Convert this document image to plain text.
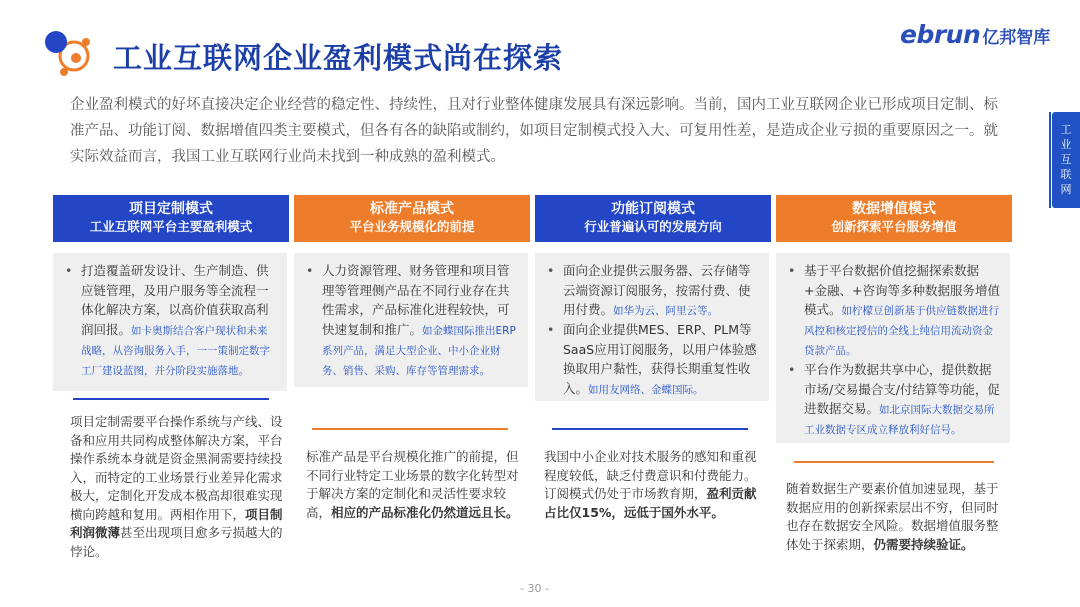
工业互联网企业盈利模式尚在探索
ebrun 亿邦智库
工业互联网

企业盈利模式的好坏直接决定企业经营的稳定性、持续性，且对行业整体健康发展具有深远影响。当前，国内工业互联网企业已形成项目定制、标准产品、功能订阅、数据增值四类主要模式，但各有各的缺陷或制约，如项目定制模式投入大、可复用性差，是造成企业亏损的重要原因之一。就实际效益而言，我国工业互联网行业尚未找到一种成熟的盈利模式。

项目定制模式
工业互联网平台主要盈利模式
• 打造覆盖研发设计、生产制造、供应链管理，及用户服务等全流程一体化解决方案，以高价值获取高利润回报。如卡奥斯结合客户现状和未来战略，从咨询服务入手，一一策制定数字工厂建设蓝图，并分阶段实施落地。
项目定制需要平台操作系统与产线、设备和应用共同构成整体解决方案，平台操作系统本身就是资金黑洞需要持续投入，而特定的工业场景行业差异化需求极大，定制化开发成本极高却很难实现横向跨越和复用。两相作用下，项目制利润微薄甚至出现项目愈多亏损越大的悖论。
标准产品模式
平台业务规模化的前提
• 人力资源管理、财务管理和项目管理等管理侧产品在不同行业存在共性需求，产品标准化进程较快，可快速复制和推广。如金蝶国际推出ERP系列产品，满足大型企业、中小企业财务、销售、采购、库存等管理需求。
标准产品是平台规模化推广的前提，但不同行业特定工业场景的数字化转型对于解决方案的定制化和灵活性要求较高，相应的产品标准化仍然道远且长。
功能订阅模式
行业普遍认可的发展方向
• 面向企业提供云服务器、云存储等云端资源订阅服务，按需付费、使用付费。如华为云、阿里云等。
• 面向企业提供MES、ERP、PLM等SaaS应用订阅服务，以用户体验感换取用户黏性，获得长期重复性收入。如用友网络、金蝶国际。
我国中小企业对技术服务的感知和重视程度较低，缺乏付费意识和付费能力。订阅模式仍处于市场教育期，盈利贡献占比仅15%，远低于国外水平。
数据增值模式
创新探索平台服务增值
• 基于平台数据价值挖掘探索数据+金融、+咨询等多种数据服务增值模式。如柠檬豆创新基于供应链数据进行风控和核定授信的全线上纯信用流动资金贷款产品。
• 平台作为数据共享中心，提供数据市场/交易撮合支/付结算等功能，促进数据交易。如北京国际大数据交易所工业数据专区成立释放利好信号。
随着数据生产要素价值加速显现，基于数据应用的创新探索层出不穷，但同时也存在数据安全风险。数据增值服务整体处于探索期，仍需要持续验证。
- 30 -
